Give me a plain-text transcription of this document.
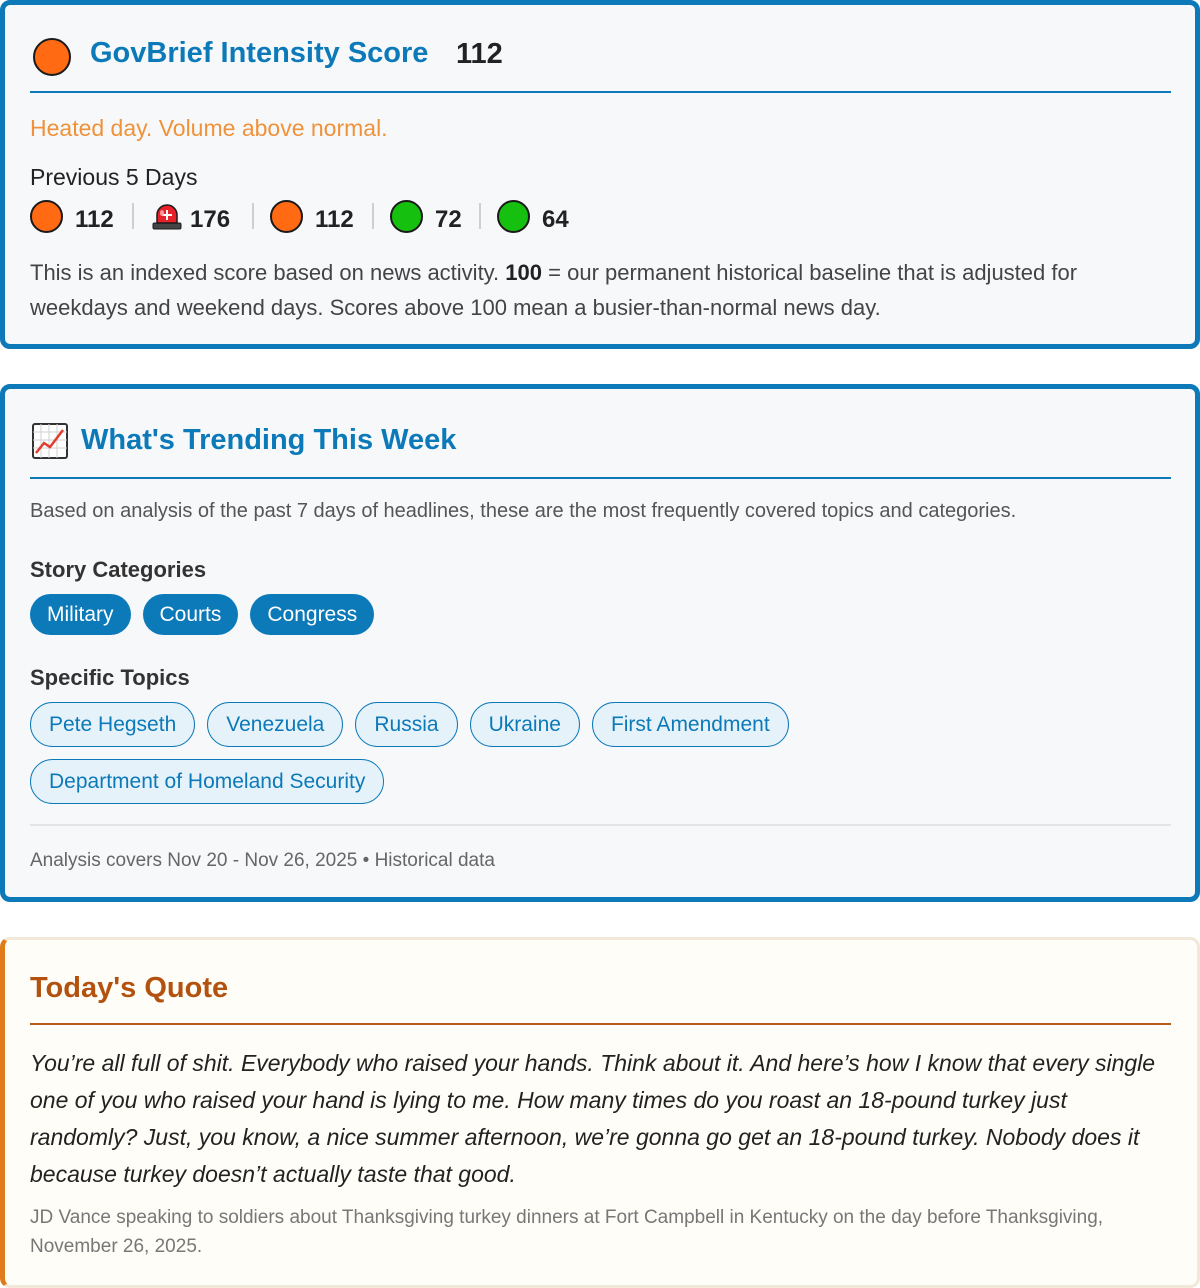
GovBrief Intensity Score 112
Heated day. Volume above normal.
Previous 5 Days
112	176	112	72	64
This is an indexed score based on news activity. 100 = our permanent historical baseline that is adjusted for weekdays and weekend days. Scores above 100 mean a busier-than-normal news day.
What's Trending This Week
Based on analysis of the past 7 days of headlines, these are the most frequently covered topics and categories.
Story Categories
Military	Courts	Congress
Specific Topics
Pete Hegseth	Venezuela	Russia	Ukraine	First Amendment
Department of Homeland Security
Analysis covers Nov 20 - Nov 26, 2025 • Historical data
Today's Quote
You’re all full of shit. Everybody who raised your hands. Think about it. And here’s how I know that every single one of you who raised your hand is lying to me. How many times do you roast an 18-pound turkey just randomly? Just, you know, a nice summer afternoon, we’re gonna go get an 18-pound turkey. Nobody does it because turkey doesn’t actually taste that good.
JD Vance speaking to soldiers about Thanksgiving turkey dinners at Fort Campbell in Kentucky on the day before Thanksgiving, November 26, 2025.
